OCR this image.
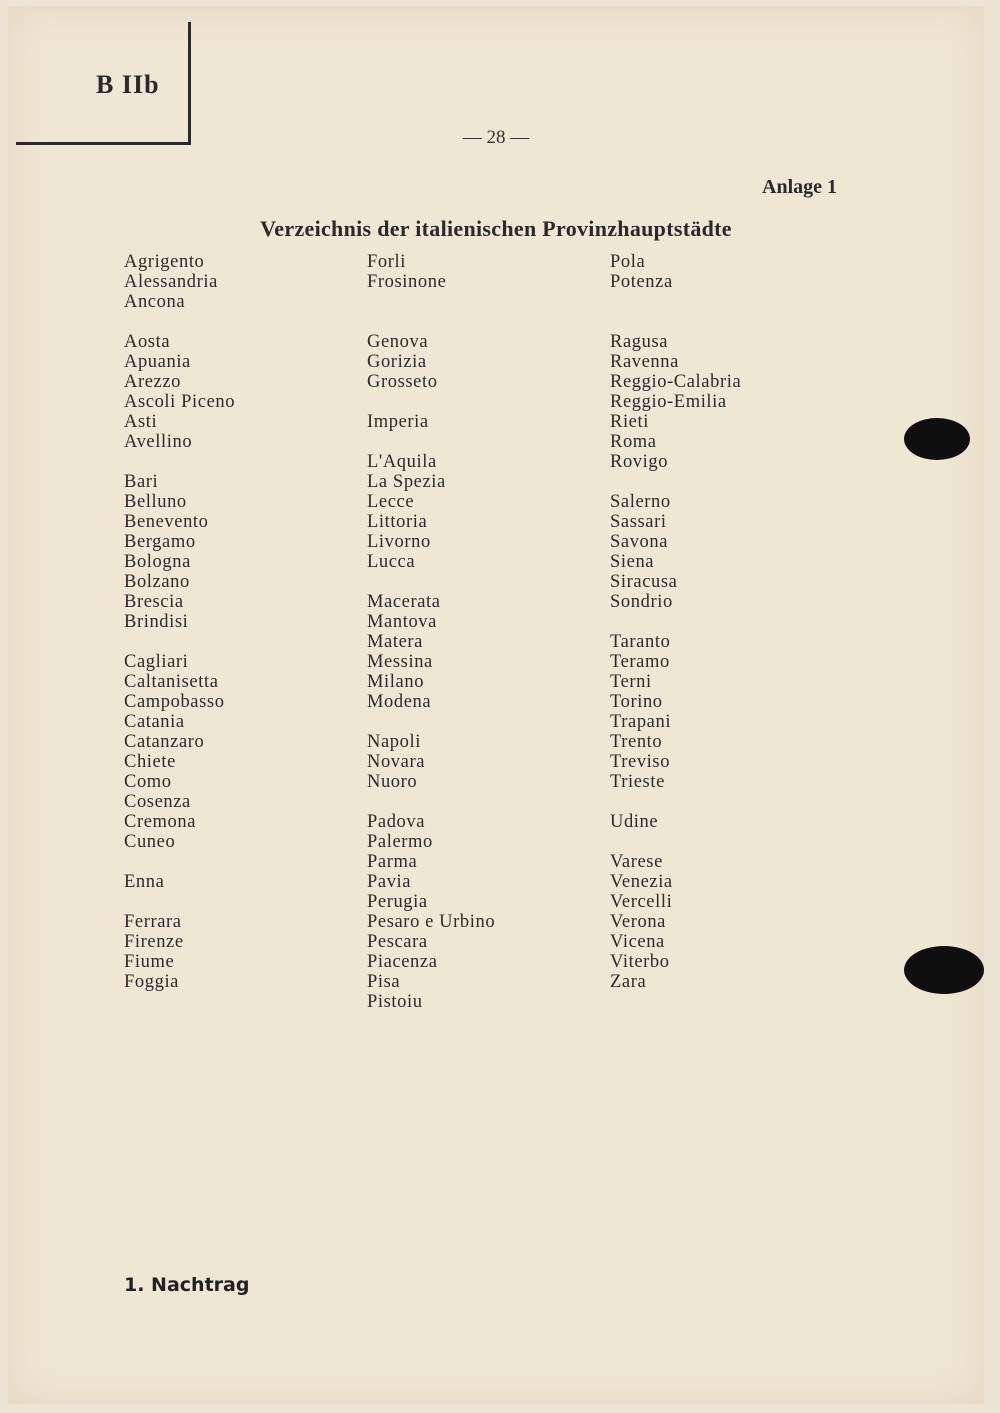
B IIb
— 28 —
Anlage 1
Verzeichnis der italienischen Provinzhauptstädte
Agrigento
Alessandria
Ancona
Aosta
Apuania
Arezzo
Ascoli Piceno
Asti
Avellino
Bari
Belluno
Benevento
Bergamo
Bologna
Bolzano
Brescia
Brindisi
Cagliari
Caltanisetta
Campobasso
Catania
Catanzaro
Chiete
Como
Cosenza
Cremona
Cuneo
Enna
Ferrara
Firenze
Fiume
Foggia
Forli
Frosinone
Genova
Gorizia
Grosseto
Imperia
L'Aquila
La Spezia
Lecce
Littoria
Livorno
Lucca
Macerata
Mantova
Matera
Messina
Milano
Modena
Napoli
Novara
Nuoro
Padova
Palermo
Parma
Pavia
Perugia
Pesaro e Urbino
Pescara
Piacenza
Pisa
Pistoiu
Pola
Potenza
Ragusa
Ravenna
Reggio-Calabria
Reggio-Emilia
Rieti
Roma
Rovigo
Salerno
Sassari
Savona
Siena
Siracusa
Sondrio
Taranto
Teramo
Terni
Torino
Trapani
Trento
Treviso
Trieste
Udine
Varese
Venezia
Vercelli
Verona
Vicena
Viterbo
Zara
1. Nachtrag
